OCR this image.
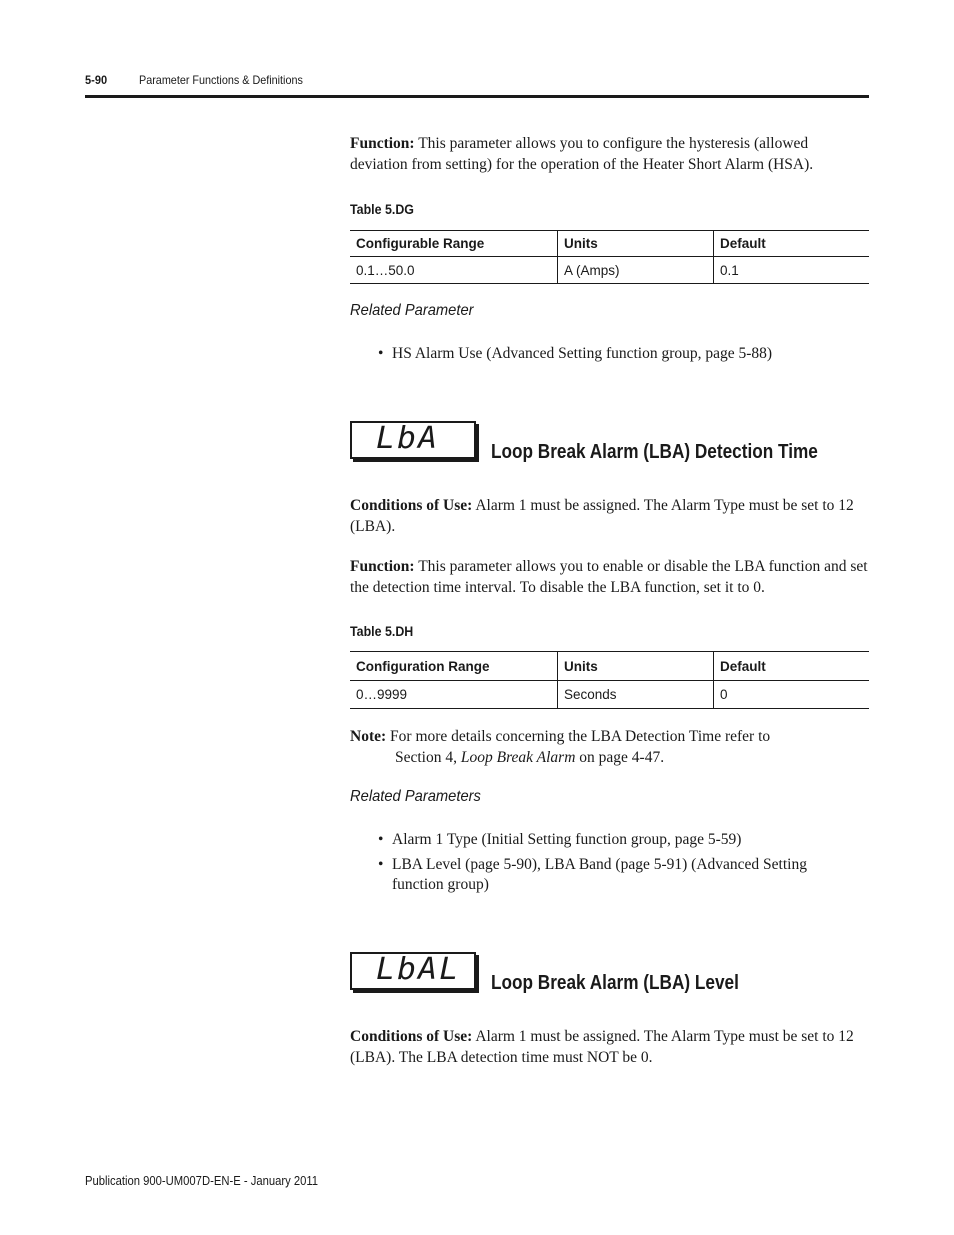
5-90	Parameter Functions & Definitions

Function: This parameter allows you to configure the hysteresis (allowed deviation from setting) for the operation of the Heater Short Alarm (HSA).

Table 5.DG
Configurable Range	Units	Default
0.1…50.0	A (Amps)	0.1
Related Parameter
• HS Alarm Use (Advanced Setting function group, page 5-88)
LbA	Loop Break Alarm (LBA) Detection Time

Conditions of Use: Alarm 1 must be assigned. The Alarm Type must be set to 12 (LBA).

Function: This parameter allows you to enable or disable the LBA function and set the detection time interval. To disable the LBA function, set it to 0.

Table 5.DH
Configuration Range	Units	Default
0…9999	Seconds	0
Note: For more details concerning the LBA Detection Time refer to
Section 4, Loop Break Alarm on page 4-47.
Related Parameters
• Alarm 1 Type (Initial Setting function group, page 5-59)
• LBA Level (page 5-90), LBA Band (page 5-91) (Advanced Setting function group)
LbAL Loop Break Alarm (LBA) Level

Conditions of Use: Alarm 1 must be assigned. The Alarm Type must be set to 12 (LBA). The LBA detection time must NOT be 0.

Publication 900-UM007D-EN-E - January 2011
